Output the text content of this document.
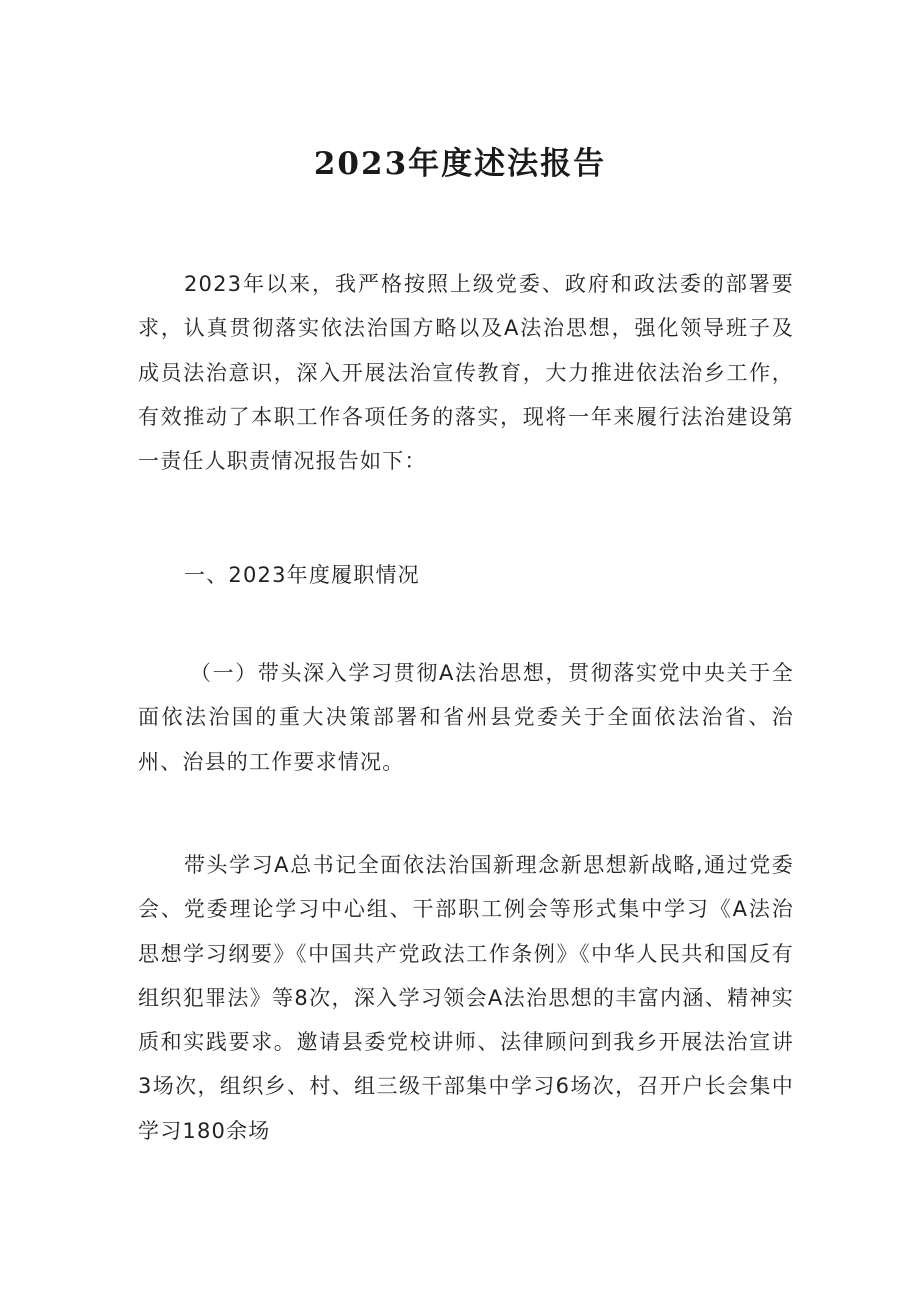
2023年度述法报告

2023年以来，我严格按照上级党委、政府和政法委的部署要求，认真贯彻落实依法治国方略以及A法治思想，强化领导班子及成员法治意识，深入开展法治宣传教育，大力推进依法治乡工作，有效推动了本职工作各项任务的落实，现将一年来履行法治建设第一责任人职责情况报告如下：

一、2023年度履职情况

（一）带头深入学习贯彻A法治思想，贯彻落实党中央关于全面依法治国的重大决策部署和省州县党委关于全面依法治省、治州、治县的工作要求情况。

带头学习A总书记全面依法治国新理念新思想新战略,通过党委会、党委理论学习中心组、干部职工例会等形式集中学习《A法治思想学习纲要》《中国共产党政法工作条例》《中华人民共和国反有组织犯罪法》等8次，深入学习领会A法治思想的丰富内涵、精神实质和实践要求。邀请县委党校讲师、法律顾问到我乡开展法治宣讲3场次，组织乡、村、组三级干部集中学习6场次，召开户长会集中学习180余场
